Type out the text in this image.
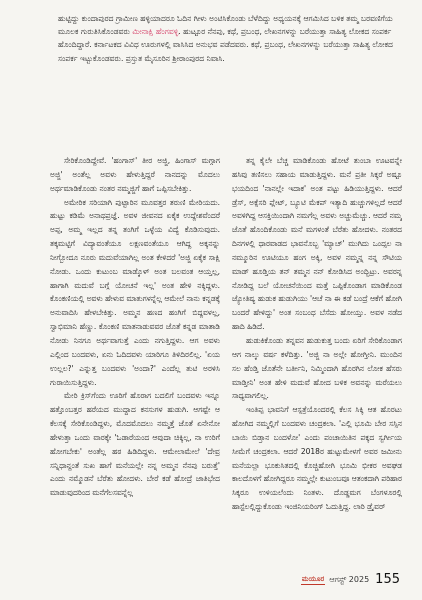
ಹುಟ್ಟಿದ್ದು ಕುಂದಾಪುರದ ಗ್ರಾಮೀಣ ಹಳ್ಳಿಯಾದರೂ ಓದಿನ ಗೀಳು ಅಂಟಿಸಿಕೊಂಡು ಬೆಳೆದಿದ್ದು ಅಧ್ಯಯನಕ್ಕೆ ಆಗಮಿಸಿದ ಬಳಿಕ ತಮ್ಮ ಬರವಣಿಗೆಯ ಮೂಲಕ ಗುರುತಿಸಿಕೊಂಡವರು ಮೀನಾಕ್ಷಿ ಹೆಂಗವಳ್ಳಿ. ಹುಟ್ಟೂರ ನೆನಪು, ಕಥೆ, ಪ್ರಬಂಧ, ಲೇಖನಗಳನ್ನು ಬರೆಯುತ್ತಾ ಸಾಹಿತ್ಯ ಲೋಕದ ಸಂಪರ್ಕ ಹೊಂದಿದ್ದಾರೆ. ಕರ್ನಾಟಕದ ವಿವಿಧ ಊರುಗಳಲ್ಲಿ ವಾಸಿಸಿದ ಅನುಭವ ಪಡೆದವರು. ಕಥೆ, ಪ್ರಬಂಧ, ಲೇಖನಗಳನ್ನು ಬರೆಯುತ್ತಾ ಸಾಹಿತ್ಯ ಲೋಕದ ಸಂಪರ್ಕ ಇಟ್ಟುಕೊಂಡವರು. ಪ್ರಸ್ತುತ ಮೈಸೂರಿನ ಶ್ರೀರಾಂಪುರದ ನಿವಾಸಿ.

ಸೇರಿಕೊಂಡಿದ್ದೇವೆ. 'ಹಂಗಾಸ್' ತೀರ ಅಜ್ಜಿ, ಹಿಂಗಾಸ್ ಮಗ್ಗಾಗ ಅಜ್ಜಿ' ಅಂತೆಲ್ಲ ಅವಳು ಹೇಳುತ್ತಿದ್ದರೆ ನಾನದನ್ನು ಮೊದಲು ಅರ್ಥಮಾಡಿಕೊಂಡು ನಂತರ ನಮ್ಮಜ್ಜಿಗೆ ಹಾಗೆ ಒಪ್ಪಿಸಬೇಕಿತ್ತು.

ಅಮೇರಿಕ ಸರಿಯಾಗಿ ಪುಟ್ಟಾರಿನ ಮೂವತ್ತರ ತರುಣಿ ಮೇರಿಯದು. ಹುಟ್ಟು ಕಡಿಮೆ ಅನಾಥಪ್ರಜ್ಞೆ. ಅವಳ ಜೀವನದ ಏಕೈಕ ಉದ್ದೇಶವೆಂದರೆ ಅಪ್ಪ, ಅಮ್ಮ ಇಲ್ಲದ ತನ್ನ ತಂಗಿಗೆ ಒಳ್ಳೆಯ ವಿದ್ಯೆ ಕೊಡಿಸುವುದು. ತಕ್ಕಮಟ್ಟಿಗೆ ವಿದ್ಯಾವಂತೆಯೂ ಲಕ್ಷಣವಂತೆಯೂ ಆಗಿದ್ದ ಅಕ್ಕನನ್ನು ನೀಗ್ಬೋದೂ ನೂರು ಮದುವೆಯಾಗಿಲ್ಲ ಅಂತ ಕೇಳಿದರೆ 'ಅಜ್ಜಿ ಏಕೈಕ ಸಾಕ್ಷಿ ನೋಡು. ಒಂದು ಕುಟುಂಬ ಮಾಡ್ಕೊಳ್ ಅಂತ ಬಲವಂತ ಆಯ್ತಲ್ಲ, ಹಾಗಾಗಿ ಮದುವೆ ಬಗ್ಗೆ ಯೋಚನೆ ಇಲ್ಲ' ಅಂತ ಹೇಳಿ ನಕ್ಕಿದ್ದಳು. ಕೊಂಕಣಿಯಲ್ಲಿ ಅವಳು ಹೇಳುವ ಮಾತುಗಳನ್ನೆಲ್ಲ ಆಮೇಲೆ ನಾನು ಕನ್ನಡಕ್ಕೆ ಅನುವಾದಿಸಿ ಹೇಳಬೇಕಿತ್ತು. ಅಮ್ಮನ ಹಣದ ಹಂಗಿಗೆ ಬಿದ್ದವಳಲ್ಲ, ಸ್ವಾಭಿಮಾನಿ ಹೆಣ್ಣು. ಕೊಂಕಣಿ ಮಾತನಾಡುವವರ ಜೊತೆ ಕನ್ನಡ ಮಾತಾಡಿ ನೋಡು ನಿನಗೂ ಅರ್ಥವಾಗುತ್ತೆ ಎಂದು ನಗುತ್ತಿದ್ದಳು. ಆಗ ಅವಳು ಎಲ್ಲಿಂದ ಬಂದವಳು, ಏನು ಓದಿದವಳು ಯಾರಿಗೂ ತಿಳಿದಿರಲಿಲ್ಲ. 'ಏಯ ಉಲ್ಲಲ?' ಎನ್ನುತ್ತ ಬಂದವಳು 'ಅಂದಾ?' ಎಂದೆಲ್ಲ ತುಟಿ ಅರಳಿಸಿ ಗುರಾಯಿಸುತ್ತಿದ್ದಳು.

ಮೇರಿ ಕ್ರಿಸ್‌ಗೆಂದು ಊರಿಗೆ ಹೊರಾಗ ಬದಲಿಗೆ ಬಂದವಳು ಇನ್ನೂ ಹತ್ತೊಂಬತ್ತರ ಹರೆಯದ ಮುದ್ದಾದ ಕನಸುಗಳ ಹುಡುಗಿ. ಆಗಷ್ಟೇ ಆ ಕೆಲಸಕ್ಕೆ ಸೇರಿಕೊಂಡಿದ್ದಳು, ಮೊದಮೊದಲು ನಮ್ಮತ್ತೆ ಜೊತೆ ಏನೇನೋ ಹೇಳುತ್ತಾ ಒಂದು ವಾರಕ್ಕೇ 'ಓಡಾರೆಯಂದ ಆವುದಾ ಚಿಕ್ಕಿಲ್ಲ, ನಾ ಉರಿಗೆ ಹೋಗಬೇಕು' ಅಂತೆಲ್ಲ ಹಠ ಹಿಡಿದಿದ್ದಳು. ಆಮೇಲಾಮೇಲೆ 'ದೇವ್ರ ಸನ್ನಿಧಾನ್ದಂತೆ ಸುಖ ಹಾಗೆ ಮನೆಯಲ್ಲೇ ನನ್ನ ಅಮ್ಮನ ನೆನಪು ಬರುತ್ತೆ' ಎಂದು ನಮ್ಮೊಡನೆ ಬೆರೆತು ಹೋದಳು. ಬೇರೆ ಕಡೆ ಹೋದ್ರೆ ಜಾತಿಭೇದ ಮಾಡುವುದರಿಂದ ಮನೆಗೆಲಸವನ್ನೆಲ್ಲ

ತನ್ನ ಕೈಲೇ ಬೆಚ್ಚ ಮಾಡಿಕೊಂಡು ಹೋಟೆ ತುಂಬಾ ಊಟವನ್ನೇ ಹಸಿವು ತಣಿಸಲು ಸಹಾಯ ಮಾಡುತ್ತಿದ್ದಳು. ಮನೆ ಪ್ರತೀ ಸಿಕ್ಕರೆ ಅಷ್ಟೂ ಭಯದಿಂದ 'ನಾನಲ್ಲೇ ಇದಾಕ' ಅಂತ ಪಟ್ಟು ಹಿಡಿಯುತ್ತಿದ್ದಳು. ಆದರೆ ಡ್ರೆಸ್, ಅಕ್ಸೆಸರಿ ಪ್ಲೇಟ್, ಬ್ಯೂಟಿ ಮೆಕಪ್ ಇತ್ಯಾದಿ ಹುಚ್ಚುಗಳಿಲ್ಲದೆ ಆದರೆ ಅವಳಿಗಿದ್ದ ಆಸಕ್ತಿಯಿಂದಾಗಿ ನಮಗೆಲ್ಲ ಅವಳು ಅಚ್ಚುಮೆಚ್ಚು. ಆದರೆ ನಮ್ಮ ಜೊತೆ ಹೊಂದಿಕೊಂಡು ಮನೆ ಮಗಳಂತೆ ಬೆರೆತು ಹೋದಳು. ನಂತರದ ದಿನಗಳಲ್ಲಿ ಧಾರವಾಡದ ಭಾವನೊಬ್ಬ 'ಮ್ಯಾಚ್' ಮುಗಿದು ಒಂದ್ಸಲ ನಾ ನಮ್ಮೂರಿನ ಊಟಿಯೂ ಹಂಗ ಅಕ್ಕಿ, ಅವಳ ನಮ್ಮನ್ನ ನನ್ನ ಸೌಟಿಯ ಮಾಡ್ ಹೂಡ್ತಿಯ ತನ್ ತಮ್ಮನ ನನ್ ಕೋಡಿಸಿದ ಅಂದ್ಬಿಟ್ರು. ಅವರನ್ನ ನೋಡಿದ್ದ ಬಲೆ ಯೋಚನೆಯಿಂದ ಮತ್ತೆ ಒಪ್ಪಿಕೊಂಡಾಗ ಮಾಡಿಕೊಂಡ ಜ್ಯೋತಿಷ್ಯ ಹುಡುಕ ಹುಡುಗಿಯು 'ಆಚೆ ನಾ ಈ ಕಡೆ ಬಂದ್ರೆ ಆಕೆಗೆ ಹೋಗಿ ಬಂದರೆ ಹೇಳಿದ್ದು' ಅಂತ ಸಂಬಂಧ ಬೆಸೆದು ಹೋಯ್ತು. ಅವಳ ನಡೆದ ಹಾದಿ ಹಿಡಿದೆ.

ಹುಡುಕಿಕೊಂಡು ತನ್ನವನ ಹುಡುಕುತ್ತ ಬಂದು ಏರಿಗೆ ಸೇರಿಕೊಂಡಾಗ ಆಗ ನಾಲ್ಕು ವರ್ಷ ಕಳೆದಿತ್ತು. 'ಅಜ್ಜಿ ನಾ ಅಲ್ಲೇ ಹೋಗ್ತೀನಿ. ಮುಂದಿನ ಸಲ ಹೆಂಡ್ತಿ ಜೊತೆನೇ ಬರ್ತೀನಿ, ನಿಮ್ಮಿಂದಾಗಿ ಹೊರಗಿನ ಲೋಕ ಹೆಸರು ಮಾಡ್ತೀನಿ' ಅಂತ ಹೇಳಿ ಮದುವೆ ಹೋದ ಬಳಿಕ ಅವನನ್ನು ಮರೆಯಲು ಸಾಧ್ಯವಾಗಲಿಲ್ಲ.

ಇಂತಿಪ್ಪ ಭಾವನಿಗೆ ಆಸ್ಪತ್ರೆಯೊಂದರಲ್ಲಿ ಕೆಲಸ ಸಿಕ್ಕಿ ಆತ ಹೊರಟು ಹೋಗಿದ ನಮ್ಮಲ್ಲಿಗೆ ಬಂದವಳು ಚಂದ್ರಕಲಾ. 'ಎಲ್ಲಿ ಭೂಮಿ ಬೇರ ಸಸ್ಸಿನ ಬಾಯಿ ಬಿಡ್ತಾನ ಬಂದಳೋ' ಎಂದು ಪಂಚಾಯಿತಿನ ಪಕ್ಕದ ಸ್ವರ್ಗೀಯ ಸೀಮೆಗೆ ಚಂದ್ರಕಲಾ. ಆದರೆ 2018ರ ಹುಟ್ಟುಮೇಳಗೆ ಅವರ ಜಮೀನು ಮನೆಯಲ್ಲಾ ಭೂಕುಸಿತದಲ್ಲಿ ಕೊಚ್ಚಿಹೋಗಿ ಭೂಮಿ ಭೀಕರ ಅವಘಡ ಕಾಲದೊಳಗೆ ಹೋಗಿದ್ದರೂ ನಮ್ಮಲ್ಲೇ ಕುಟುಂಬವೂ ಆತಂಕದಾಗಿ ಪರಿಹಾರ ಸಿಕ್ಕರೂ ಉಳಿಯಲೆಂದು ನಿಂತಳು. ದೊಡ್ಡಮಗ ಬೆಂಗಳೂರಲ್ಲಿ ಹಾಸ್ಟೆಲಲ್ಲಿದ್ದುಕೊಂಡು ಇಂಜಿನಿಯರಿಂಗ್ ಓದುತ್ತಿದ್ದ. ಲಾರಿ ಡ್ರೈವರ್

ಮಯೂರ ಆಗಸ್ಟ್ 2025 155
